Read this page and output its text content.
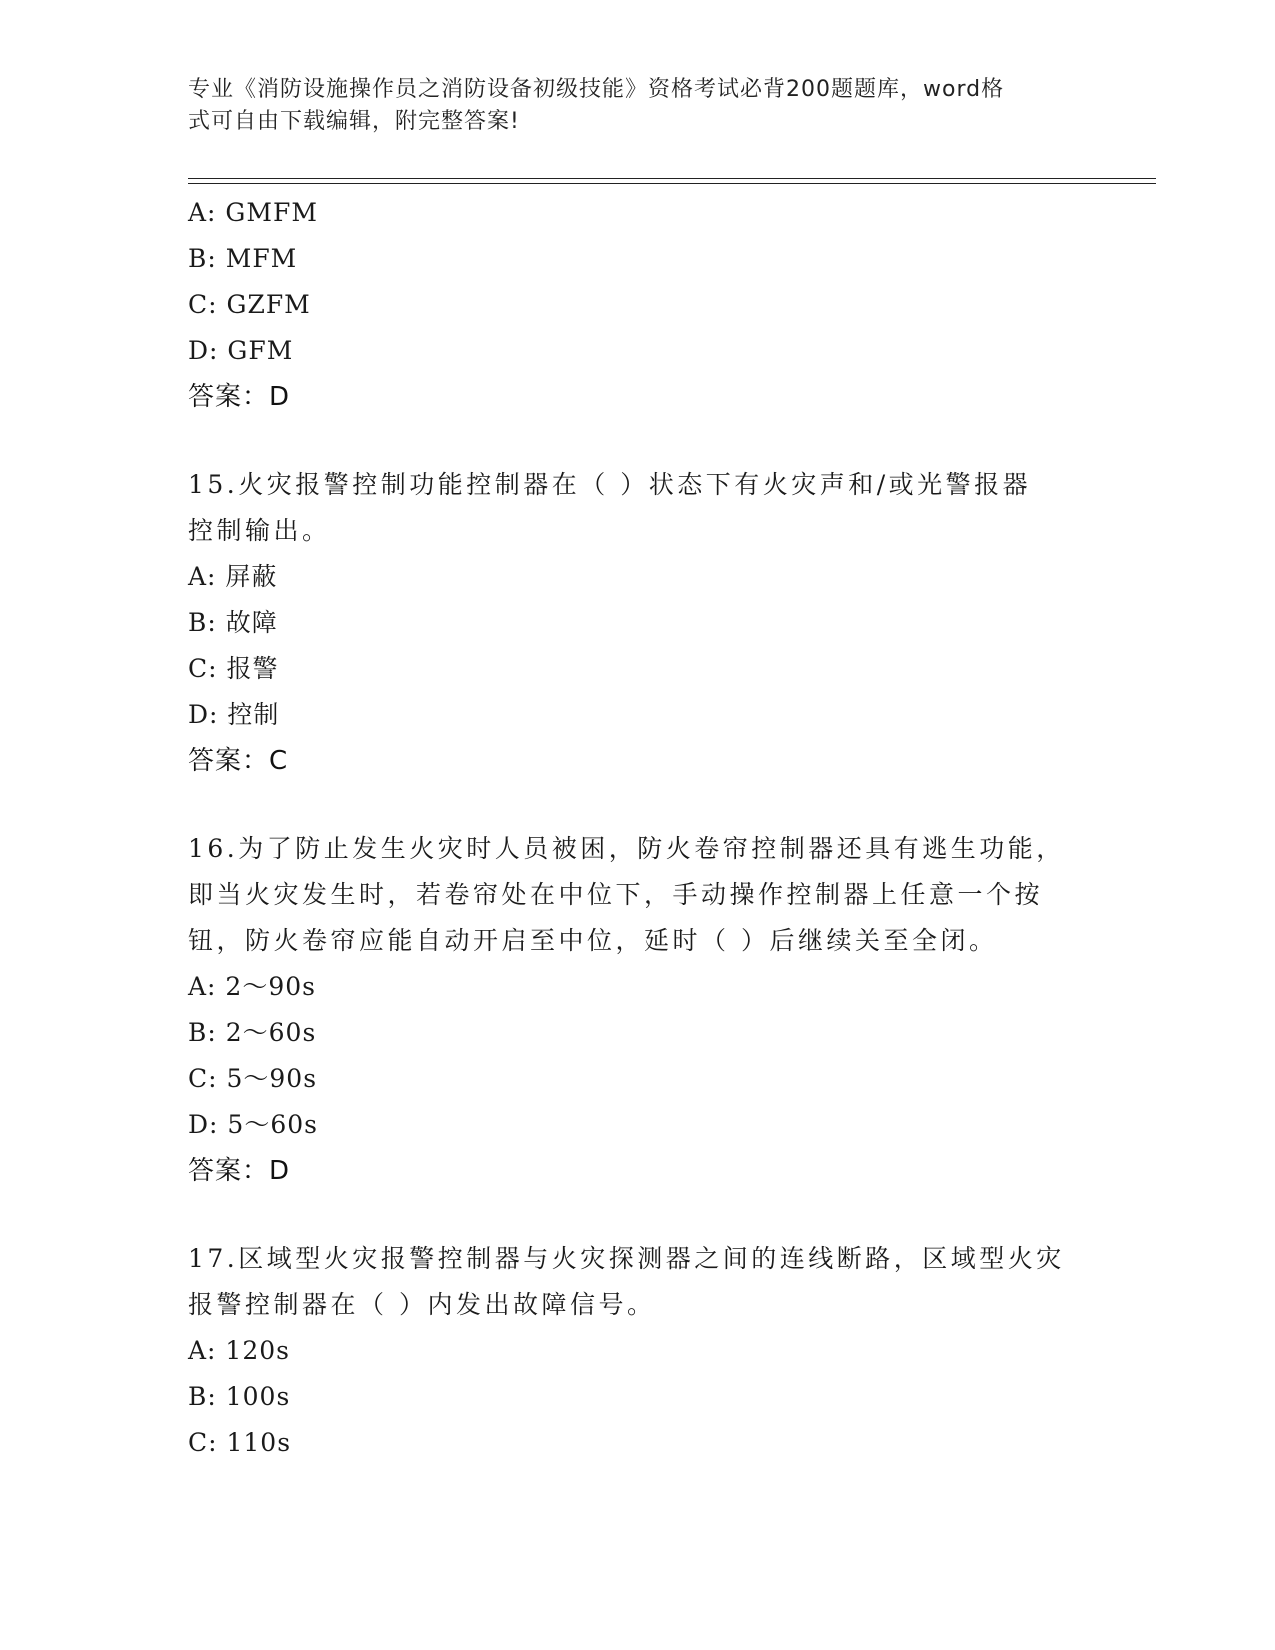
专业《消防设施操作员之消防设备初级技能》资格考试必背200题题库，word格
式可自由下载编辑，附完整答案!
A: GMFM
B: MFM
C: GZFM
D: GFM
答案：D
15.火灾报警控制功能控制器在（ ）状态下有火灾声和/或光警报器
控制输出。
A: 屏蔽
B: 故障
C: 报警
D: 控制
答案：C
16.为了防止发生火灾时人员被困，防火卷帘控制器还具有逃生功能，
即当火灾发生时，若卷帘处在中位下，手动操作控制器上任意一个按
钮，防火卷帘应能自动开启至中位，延时（ ）后继续关至全闭。
A: 2～90s
B: 2～60s
C: 5～90s
D: 5～60s
答案：D
17.区域型火灾报警控制器与火灾探测器之间的连线断路，区域型火灾
报警控制器在（ ）内发出故障信号。
A: 120s
B: 100s
C: 110s
